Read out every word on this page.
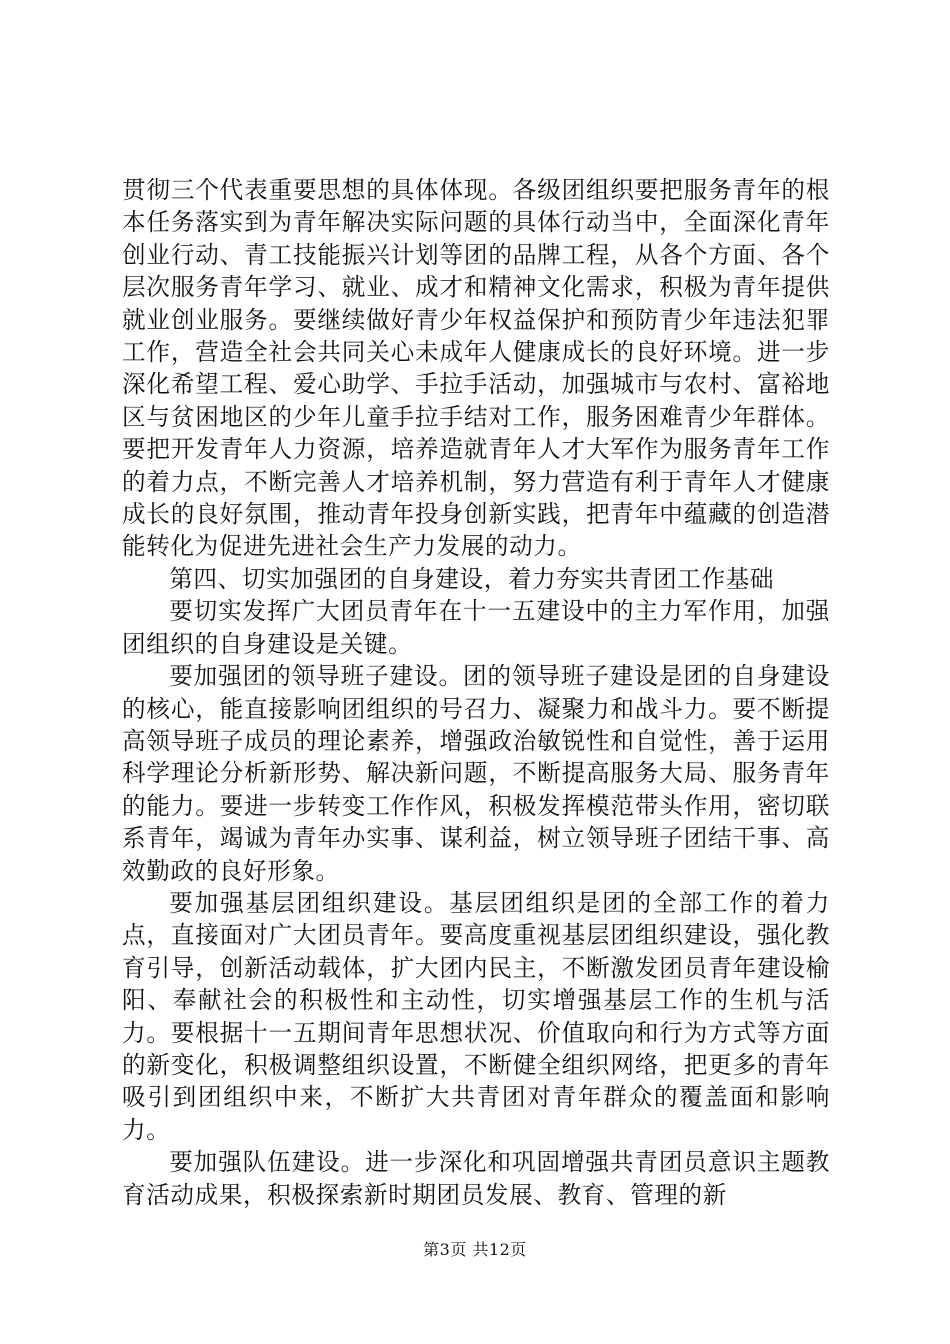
贯彻三个代表重要思想的具体体现。各级团组织要把服务青年的根本任务落实到为青年解决实际问题的具体行动当中，全面深化青年创业行动、青工技能振兴计划等团的品牌工程，从各个方面、各个层次服务青年学习、就业、成才和精神文化需求，积极为青年提供就业创业服务。要继续做好青少年权益保护和预防青少年违法犯罪工作，营造全社会共同关心未成年人健康成长的良好环境。进一步深化希望工程、爱心助学、手拉手活动，加强城市与农村、富裕地区与贫困地区的少年儿童手拉手结对工作，服务困难青少年群体。要把开发青年人力资源，培养造就青年人才大军作为服务青年工作的着力点，不断完善人才培养机制，努力营造有利于青年人才健康成长的良好氛围，推动青年投身创新实践，把青年中蕴藏的创造潜能转化为促进先进社会生产力发展的动力。

第四、切实加强团的自身建设，着力夯实共青团工作基础

要切实发挥广大团员青年在十一五建设中的主力军作用，加强团组织的自身建设是关键。

要加强团的领导班子建设。团的领导班子建设是团的自身建设的核心，能直接影响团组织的号召力、凝聚力和战斗力。要不断提高领导班子成员的理论素养，增强政治敏锐性和自觉性，善于运用科学理论分析新形势、解决新问题，不断提高服务大局、服务青年的能力。要进一步转变工作作风，积极发挥模范带头作用，密切联系青年，竭诚为青年办实事、谋利益，树立领导班子团结干事、高效勤政的良好形象。

要加强基层团组织建设。基层团组织是团的全部工作的着力点，直接面对广大团员青年。要高度重视基层团组织建设，强化教育引导，创新活动载体，扩大团内民主，不断激发团员青年建设榆阳、奉献社会的积极性和主动性，切实增强基层工作的生机与活力。要根据十一五期间青年思想状况、价值取向和行为方式等方面的新变化，积极调整组织设置，不断健全组织网络，把更多的青年吸引到团组织中来，不断扩大共青团对青年群众的覆盖面和影响力。

要加强队伍建设。进一步深化和巩固增强共青团员意识主题教育活动成果，积极探索新时期团员发展、教育、管理的新

第3页 共12页
